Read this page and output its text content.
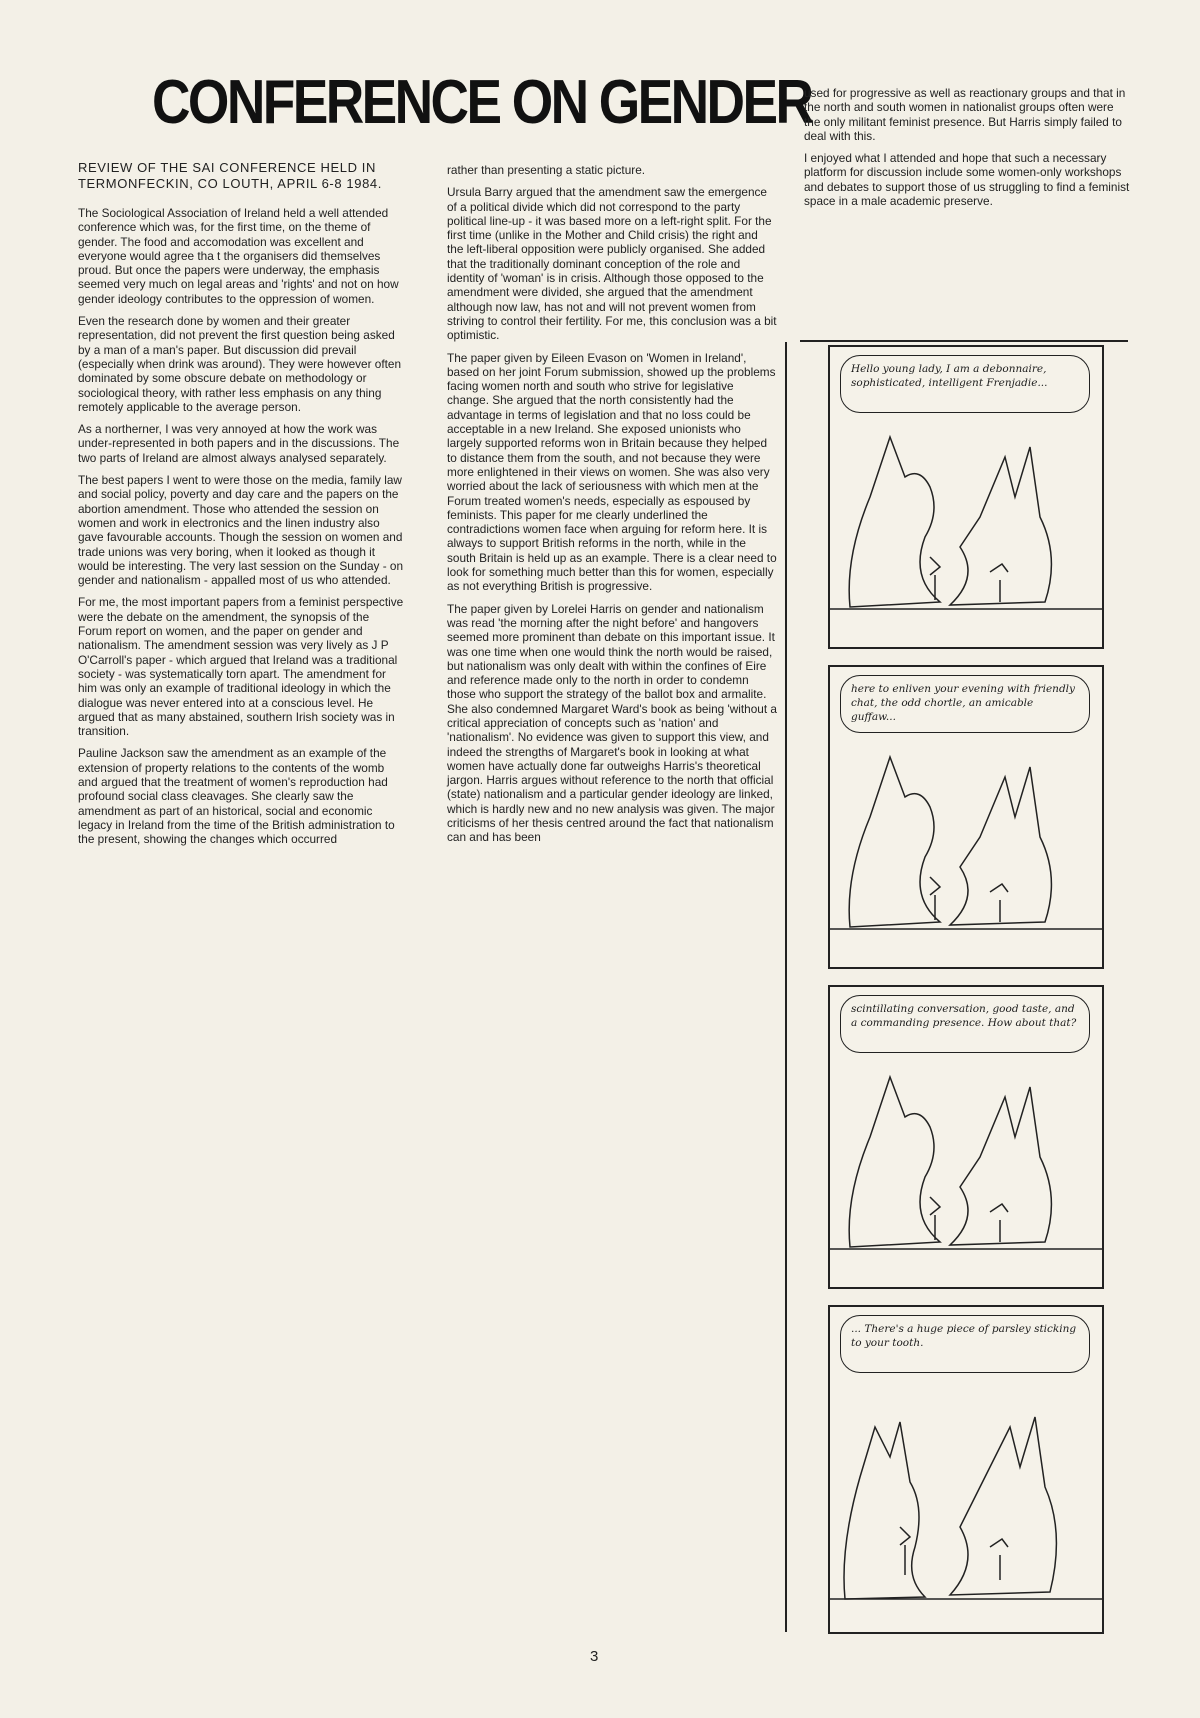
CONFERENCE ON GENDER

REVIEW OF THE SAI CONFERENCE HELD IN TERMONFECKIN, CO LOUTH, APRIL 6-8 1984.

The Sociological Association of Ireland held a well attended conference which was, for the first time, on the theme of gender. The food and accomodation was excellent and everyone would agree tha t the organisers did themselves proud. But once the papers were underway, the emphasis seemed very much on legal areas and 'rights' and not on how gender ideology contributes to the oppression of women.

Even the research done by women and their greater representation, did not prevent the first question being asked by a man of a man's paper. But discussion did prevail (especially when drink was around). They were however often dominated by some obscure debate on methodology or sociological theory, with rather less emphasis on any thing remotely applicable to the average person.

As a northerner, I was very annoyed at how the work was under-represented in both papers and in the discussions. The two parts of Ireland are almost always analysed separately.

The best papers I went to were those on the media, family law and social policy, poverty and day care and the papers on the abortion amendment. Those who attended the session on women and work in electronics and the linen industry also gave favourable accounts. Though the session on women and trade unions was very boring, when it looked as though it would be interesting. The very last session on the Sunday - on gender and nationalism - appalled most of us who attended.

For me, the most important papers from a feminist perspective were the debate on the amendment, the synopsis of the Forum report on women, and the paper on gender and nationalism. The amendment session was very lively as J P O'Carroll's paper - which argued that Ireland was a traditional society - was systematically torn apart. The amendment for him was only an example of traditional ideology in which the dialogue was never entered into at a conscious level. He argued that as many abstained, southern Irish society was in transition.

Pauline Jackson saw the amendment as an example of the extension of property relations to the contents of the womb and argued that the treatment of women's reproduction had profound social class cleavages. She clearly saw the amendment as part of an historical, social and economic legacy in Ireland from the time of the British administration to the present, showing the changes which occurred

rather than presenting a static picture.

Ursula Barry argued that the amendment saw the emergence of a political divide which did not correspond to the party political line-up - it was based more on a left-right split. For the first time (unlike in the Mother and Child crisis) the right and the left-liberal opposition were publicly organised. She added that the traditionally dominant conception of the role and identity of 'woman' is in crisis. Although those opposed to the amendment were divided, she argued that the amendment although now law, has not and will not prevent women from striving to control their fertility. For me, this conclusion was a bit optimistic.

The paper given by Eileen Evason on 'Women in Ireland', based on her joint Forum submission, showed up the problems facing women north and south who strive for legislative change. She argued that the north consistently had the advantage in terms of legislation and that no loss could be acceptable in a new Ireland. She exposed unionists who largely supported reforms won in Britain because they helped to distance them from the south, and not because they were more enlightened in their views on women. She was also very worried about the lack of seriousness with which men at the Forum treated women's needs, especially as espoused by feminists. This paper for me clearly underlined the contradictions women face when arguing for reform here. It is always to support British reforms in the north, while in the south Britain is held up as an example. There is a clear need to look for something much better than this for women, especially as not everything British is progressive.

The paper given by Lorelei Harris on gender and nationalism was read 'the morning after the night before' and hangovers seemed more prominent than debate on this important issue. It was one time when one would think the north would be raised, but nationalism was only dealt with within the confines of Eire and reference made only to the north in order to condemn those who support the strategy of the ballot box and armalite. She also condemned Margaret Ward's book as being 'without a critical appreciation of concepts such as 'nation' and 'nationalism'. No evidence was given to support this view, and indeed the strengths of Margaret's book in looking at what women have actually done far outweighs Harris's theoretical jargon. Harris argues without reference to the north that official (state) nationalism and a particular gender ideology are linked, which is hardly new and no new analysis was given. The major criticisms of her thesis centred around the fact that nationalism can and has been

used for progressive as well as reactionary groups and that in the north and south women in nationalist groups often were the only militant feminist presence. But Harris simply failed to deal with this.

I enjoyed what I attended and hope that such a necessary platform for discussion include some women-only workshops and debates to support those of us struggling to find a feminist space in a male academic preserve.

Hello young lady, I am a debonnaire, sophisticated, intelligent Frenjadie...
here to enliven your evening with friendly chat, the odd chortle, an amicable guffaw...
scintillating conversation, good taste, and a commanding presence. How about that?
... There's a huge piece of parsley sticking to your tooth.
3
